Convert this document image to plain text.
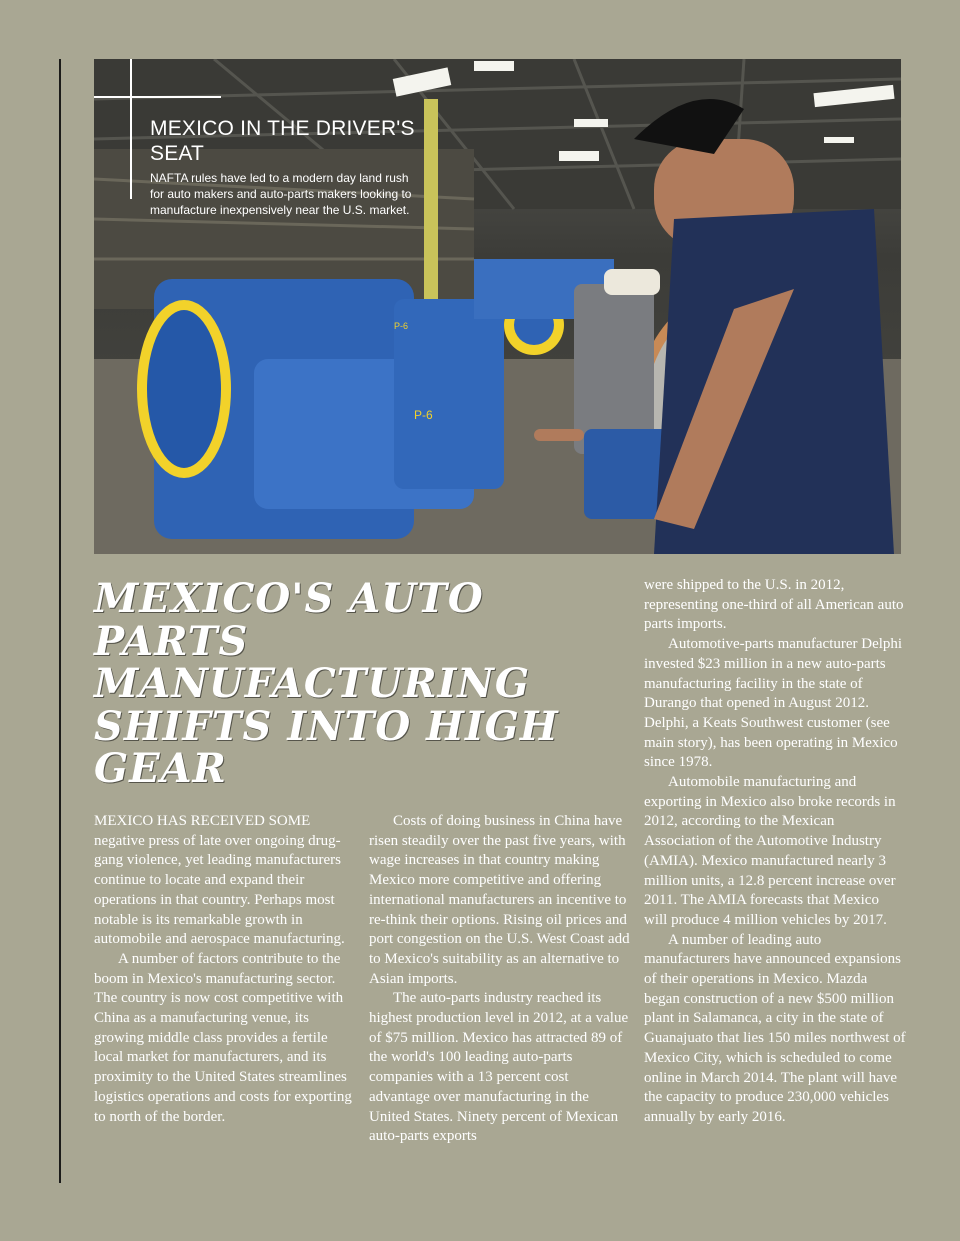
P-6
P-6
MEXICO IN THE DRIVER'S SEAT

NAFTA rules have led to a modern day land rush for auto makers and auto-parts makers looking to manufacture inexpensively near the U.S. market.

MEXICO'S AUTO PARTS MANUFACTURING SHIFTS INTO HIGH GEAR

MEXICO HAS RECEIVED SOME negative press of late over ongoing drug-gang violence, yet leading manufacturers continue to locate and expand their operations in that country. Perhaps most notable is its remarkable growth in automobile and aerospace manufacturing.

A number of factors contribute to the boom in Mexico's manufacturing sector. The country is now cost competitive with China as a manufacturing venue, its growing middle class provides a fertile local market for manufacturers, and its proximity to the United States streamlines logistics operations and costs for exporting to north of the border.

Costs of doing business in China have risen steadily over the past five years, with wage increases in that country making Mexico more competitive and offering international manufacturers an incentive to re-think their options. Rising oil prices and port congestion on the U.S. West Coast add to Mexico's suitability as an alternative to Asian imports.

The auto-parts industry reached its highest production level in 2012, at a value of $75 million. Mexico has attracted 89 of the world's 100 leading auto-parts companies with a 13 percent cost advantage over manufacturing in the United States. Ninety percent of Mexican auto-parts exports

were shipped to the U.S. in 2012, representing one-third of all American auto parts imports.

Automotive-parts manufacturer Delphi invested $23 million in a new auto-parts manufacturing facility in the state of Durango that opened in August 2012. Delphi, a Keats Southwest customer (see main story), has been operating in Mexico since 1978.

Automobile manufacturing and exporting in Mexico also broke records in 2012, according to the Mexican Association of the Automotive Industry (AMIA). Mexico manufactured nearly 3 million units, a 12.8 percent increase over 2011. The AMIA forecasts that Mexico will produce 4 million vehicles by 2017.

A number of leading auto manufacturers have announced expansions of their operations in Mexico. Mazda began construction of a new $500 million plant in Salamanca, a city in the state of Guanajuato that lies 150 miles northwest of Mexico City, which is scheduled to come online in March 2014. The plant will have the capacity to produce 230,000 vehicles annually by early 2016.
